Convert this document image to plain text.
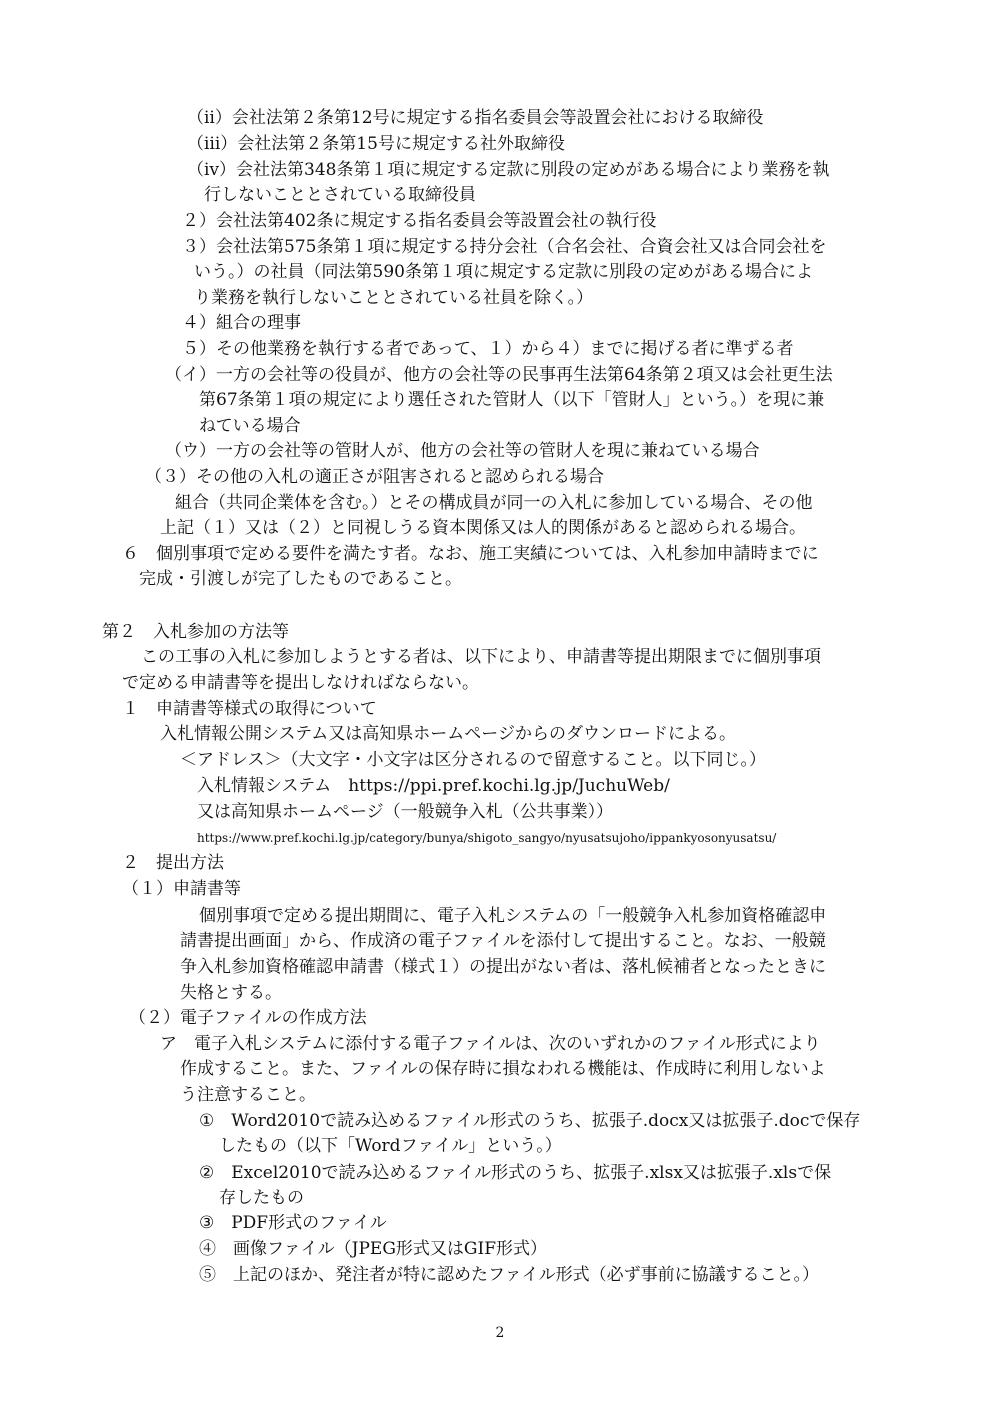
（ⅱ）会社法第２条第12号に規定する指名委員会等設置会社における取締役
（ⅲ）会社法第２条第15号に規定する社外取締役
（ⅳ）会社法第348条第１項に規定する定款に別段の定めがある場合により業務を執
行しないこととされている取締役員
２）会社法第402条に規定する指名委員会等設置会社の執行役
３）会社法第575条第１項に規定する持分会社（合名会社、合資会社又は合同会社を
いう。）の社員（同法第590条第１項に規定する定款に別段の定めがある場合によ
り業務を執行しないこととされている社員を除く。）
４）組合の理事
５）その他業務を執行する者であって、１）から４）までに掲げる者に準ずる者
（イ）一方の会社等の役員が、他方の会社等の民事再生法第64条第２項又は会社更生法
第67条第１項の規定により選任された管財人（以下「管財人」という。）を現に兼
ねている場合
（ウ）一方の会社等の管財人が、他方の会社等の管財人を現に兼ねている場合
（３）その他の入札の適正さが阻害されると認められる場合
組合（共同企業体を含む。）とその構成員が同一の入札に参加している場合、その他
上記（１）又は（２）と同視しうる資本関係又は人的関係があると認められる場合。
６　個別事項で定める要件を満たす者。なお、施工実績については、入札参加申請時までに
完成・引渡しが完了したものであること。
第２　入札参加の方法等
この工事の入札に参加しようとする者は、以下により、申請書等提出期限までに個別事項
で定める申請書等を提出しなければならない。
１　申請書等様式の取得について
入札情報公開システム又は高知県ホームページからのダウンロードによる。
＜アドレス＞（大文字・小文字は区分されるので留意すること。以下同じ。）
入札情報システム　https://ppi.pref.kochi.lg.jp/JuchuWeb/
又は高知県ホームページ（一般競争入札（公共事業））
https://www.pref.kochi.lg.jp/category/bunya/shigoto_sangyo/nyusatsujoho/ippankyosonyusatsu/
２　提出方法
（１）申請書等
個別事項で定める提出期間に、電子入札システムの「一般競争入札参加資格確認申
請書提出画面」から、作成済の電子ファイルを添付して提出すること。なお、一般競
争入札参加資格確認申請書（様式１）の提出がない者は、落札候補者となったときに
失格とする。
（２）電子ファイルの作成方法
ア　電子入札システムに添付する電子ファイルは、次のいずれかのファイル形式により
作成すること。また、ファイルの保存時に損なわれる機能は、作成時に利用しないよ
う注意すること。
①　Word2010で読み込めるファイル形式のうち、拡張子.docx又は拡張子.docで保存
したもの（以下「Wordファイル」という。）
②　Excel2010で読み込めるファイル形式のうち、拡張子.xlsx又は拡張子.xlsで保
存したもの
③　PDF形式のファイル
④　画像ファイル（JPEG形式又はGIF形式）
⑤　上記のほか、発注者が特に認めたファイル形式（必ず事前に協議すること。）
2
